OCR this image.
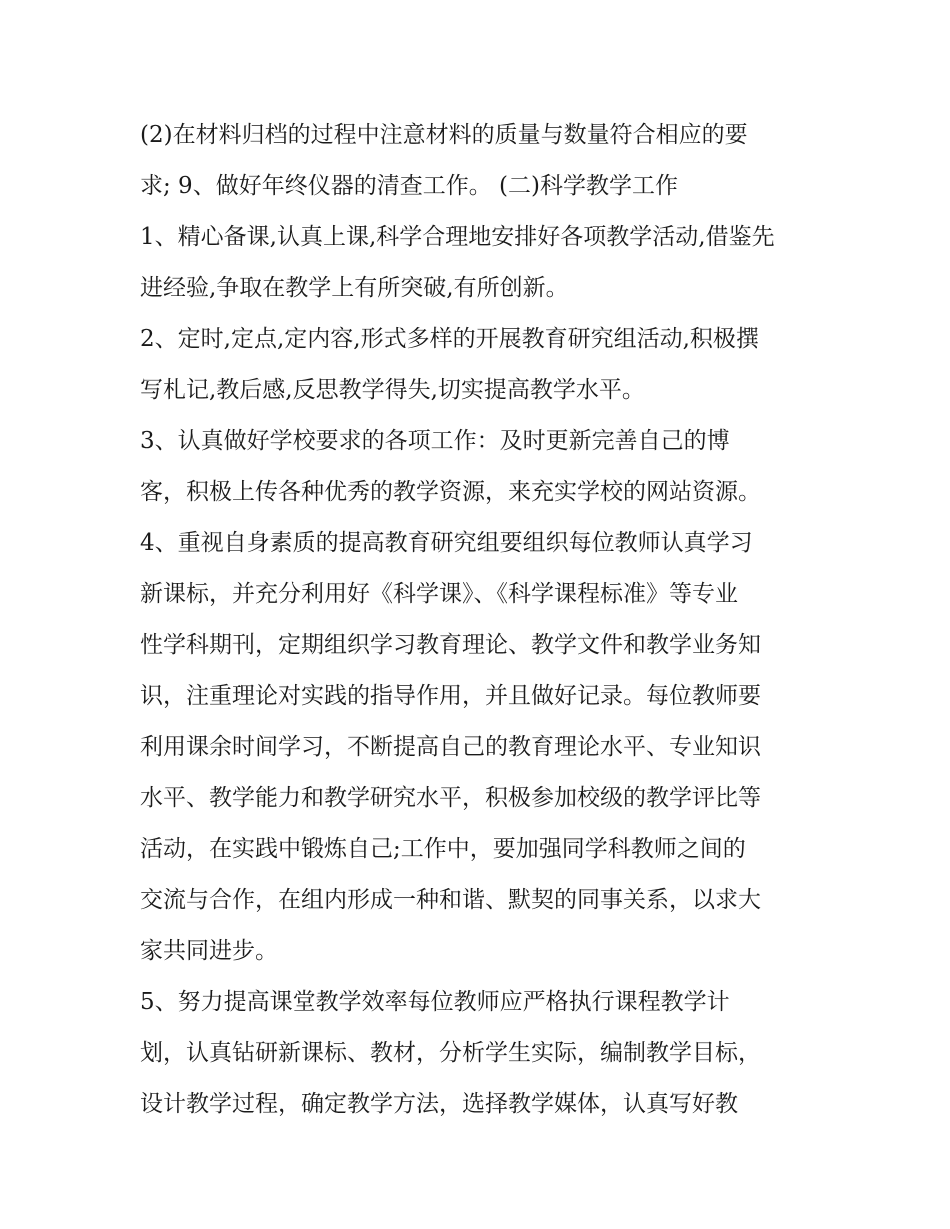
(2)在材料归档的过程中注意材料的质量与数量符合相应的要
求; 9、做好年终仪器的清查工作。 (二)科学教学工作
1、精心备课,认真上课,科学合理地安排好各项教学活动,借鉴先
进经验,争取在教学上有所突破,有所创新。
2、定时,定点,定内容,形式多样的开展教育研究组活动,积极撰
写札记,教后感,反思教学得失,切实提高教学水平。
3、认真做好学校要求的各项工作：及时更新完善自己的博
客，积极上传各种优秀的教学资源，来充实学校的网站资源。
4、重视自身素质的提高教育研究组要组织每位教师认真学习
新课标，并充分利用好《科学课》、《科学课程标准》等专业
性学科期刊，定期组织学习教育理论、教学文件和教学业务知
识，注重理论对实践的指导作用，并且做好记录。每位教师要
利用课余时间学习，不断提高自己的教育理论水平、专业知识
水平、教学能力和教学研究水平，积极参加校级的教学评比等
活动，在实践中锻炼自己;工作中，要加强同学科教师之间的
交流与合作，在组内形成一种和谐、默契的同事关系，以求大
家共同进步。
5、努力提高课堂教学效率每位教师应严格执行课程教学计
划，认真钻研新课标、教材，分析学生实际，编制教学目标，
设计教学过程，确定教学方法，选择教学媒体，认真写好教
